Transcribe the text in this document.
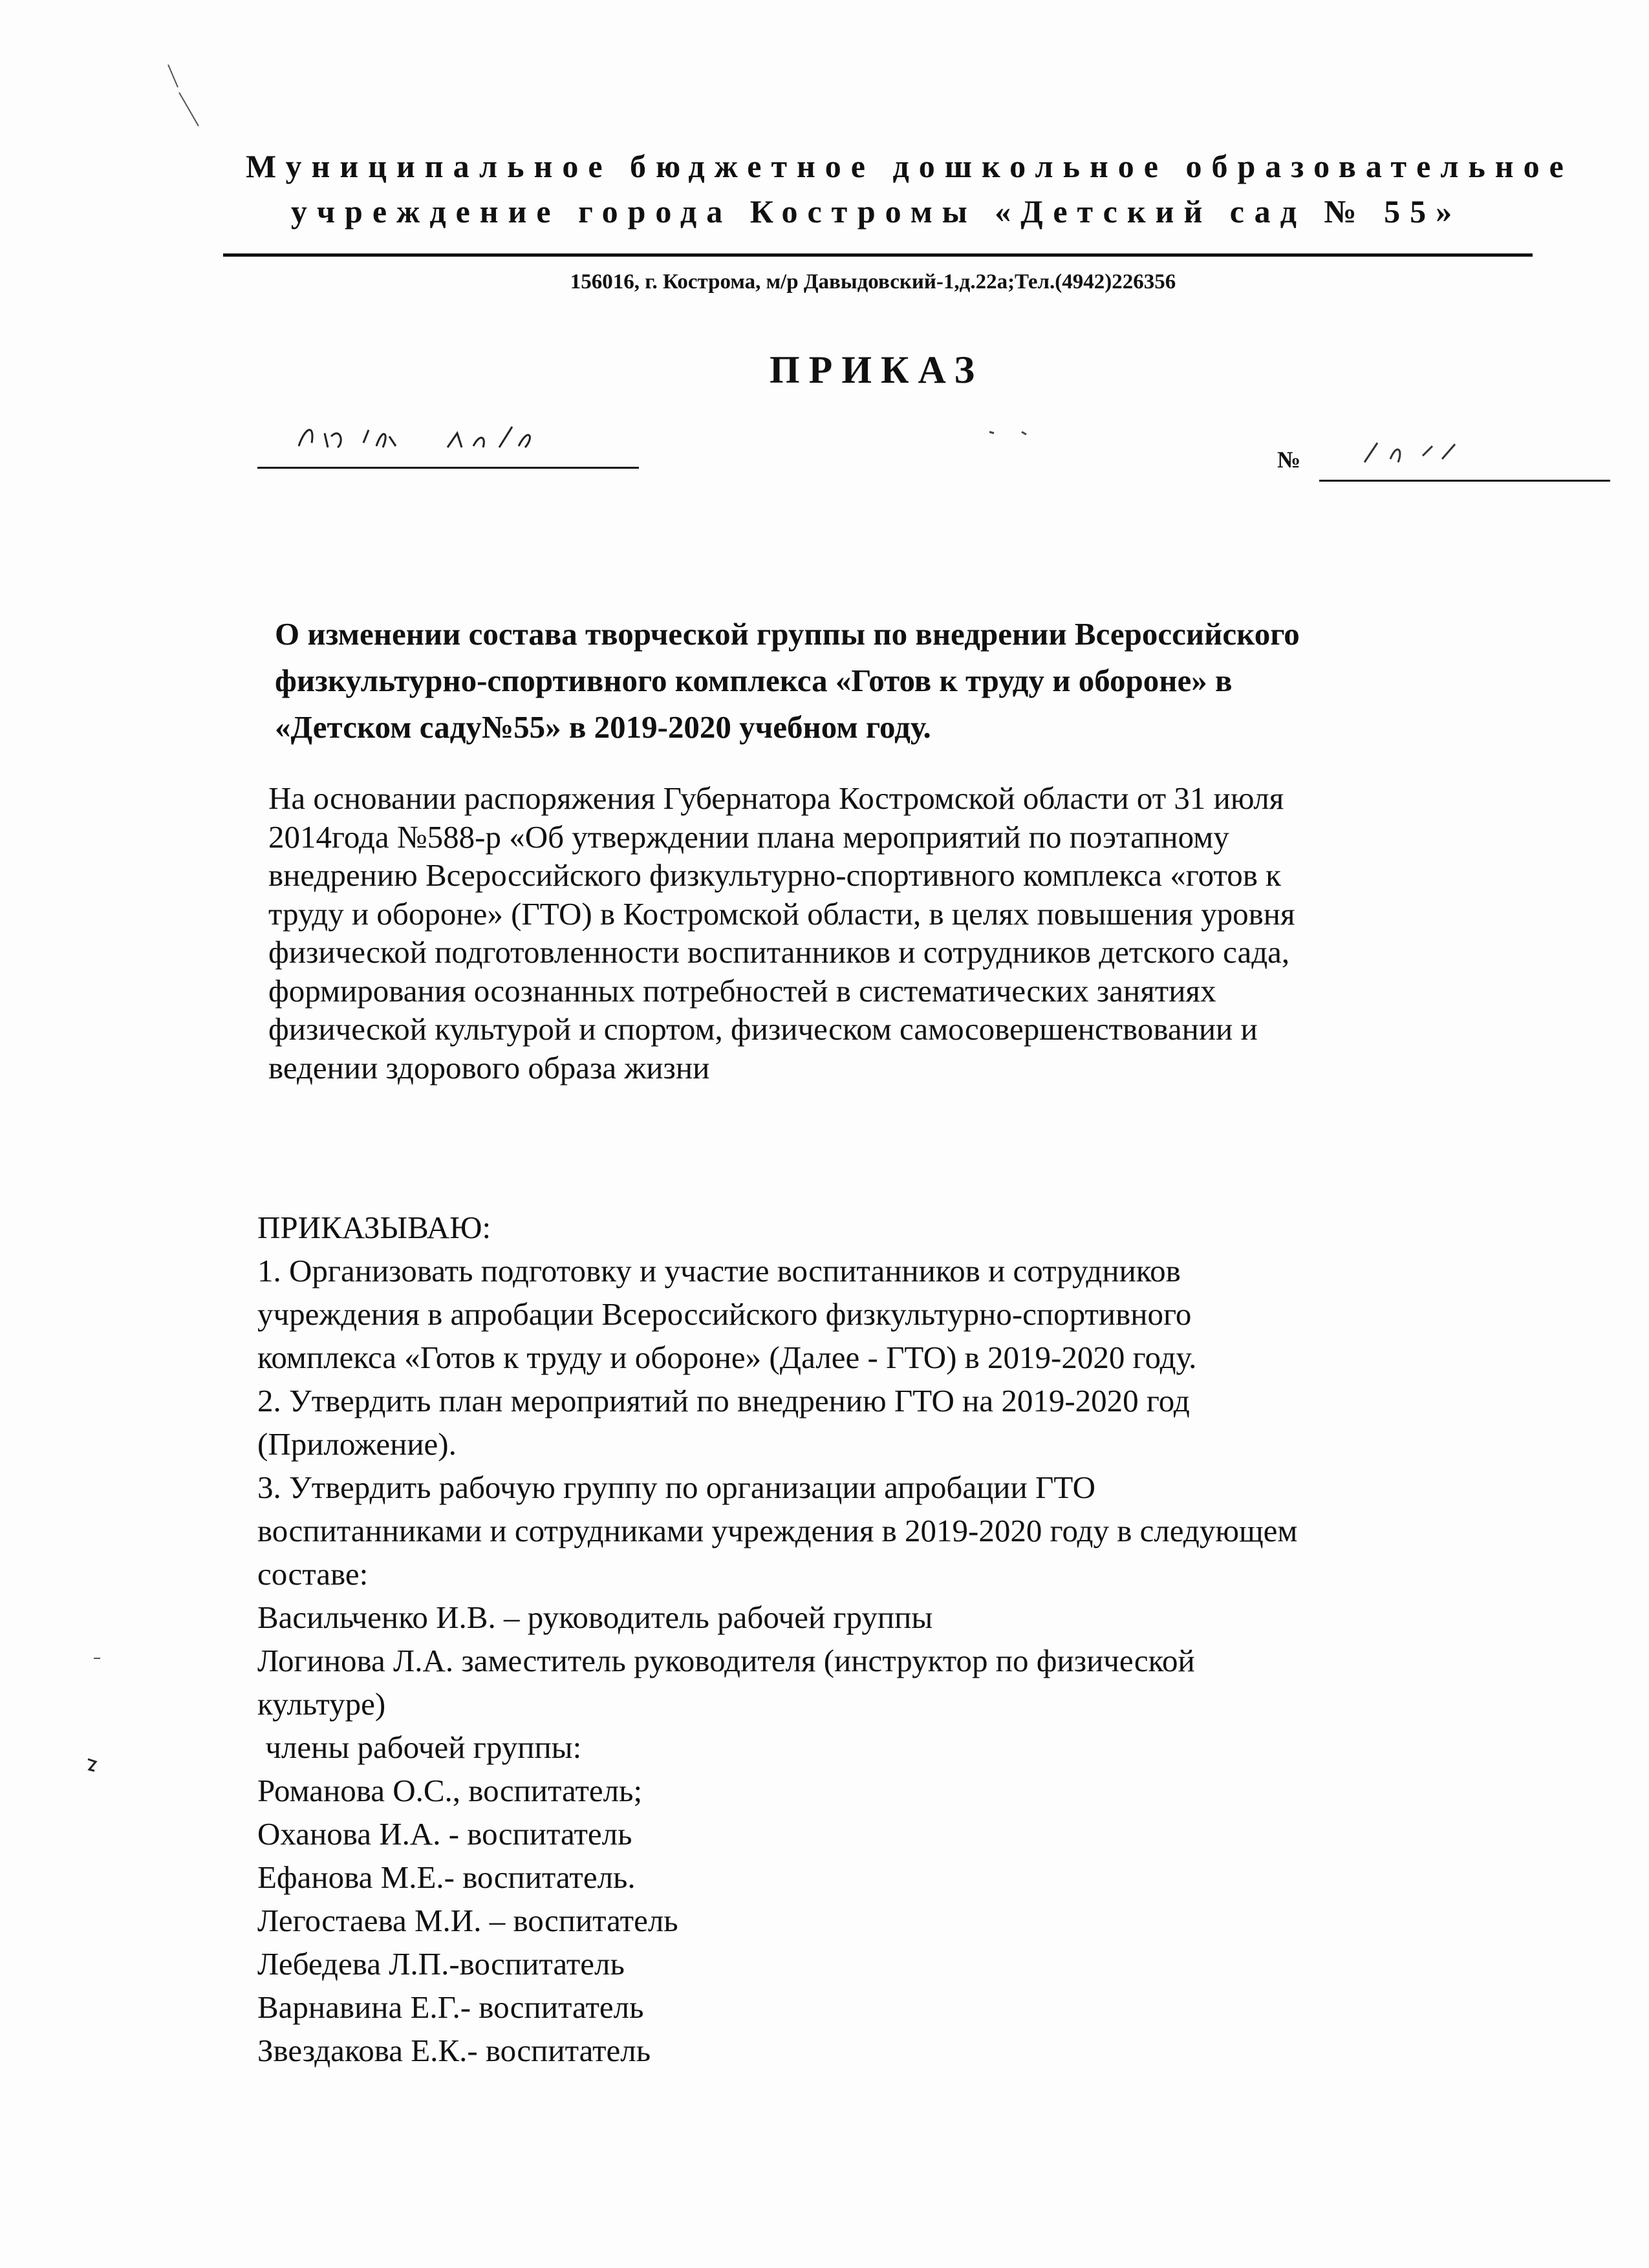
Муниципальное бюджетное дошкольное образовательное
учреждение города Костромы «Детский сад № 55»
156016, г. Кострома, м/р Давыдовский-1,д.22а;Тел.(4942)226356
ПРИКАЗ
№
О изменении состава творческой группы по внедрении Всероссийского
физкультурно-спортивного комплекса «Готов к труду и обороне» в
«Детском саду№55» в 2019-2020 учебном году.
На основании распоряжения Губернатора Костромской области от 31 июля
2014года №588-р «Об утверждении плана мероприятий по поэтапному
внедрению Всероссийского физкультурно-спортивного комплекса «готов к
труду и обороне» (ГТО) в Костромской области, в целях повышения уровня
физической подготовленности воспитанников и сотрудников детского сада,
формирования осознанных потребностей в систематических занятиях
физической культурой и спортом, физическом самосовершенствовании и
ведении здорового образа жизни
ПРИКАЗЫВАЮ:
1. Организовать подготовку и участие воспитанников и сотрудников
учреждения в апробации Всероссийского физкультурно-спортивного
комплекса «Готов к труду и обороне» (Далее - ГТО) в 2019-2020 году.
2. Утвердить план мероприятий по внедрению ГТО на 2019-2020 год
(Приложение).
3. Утвердить рабочую группу по организации апробации ГТО
воспитанниками и сотрудниками учреждения в 2019-2020 году в следующем
составе:
Васильченко И.В. – руководитель рабочей группы
Логинова Л.А. заместитель руководителя (инструктор по физической
культуре)
члены рабочей группы:
Романова О.С., воспитатель;
Оханова И.А. - воспитатель
Ефанова М.Е.- воспитатель.
Легостаева М.И. – воспитатель
Лебедева Л.П.-воспитатель
Варнавина Е.Г.- воспитатель
Звездакова Е.К.- воспитатель
